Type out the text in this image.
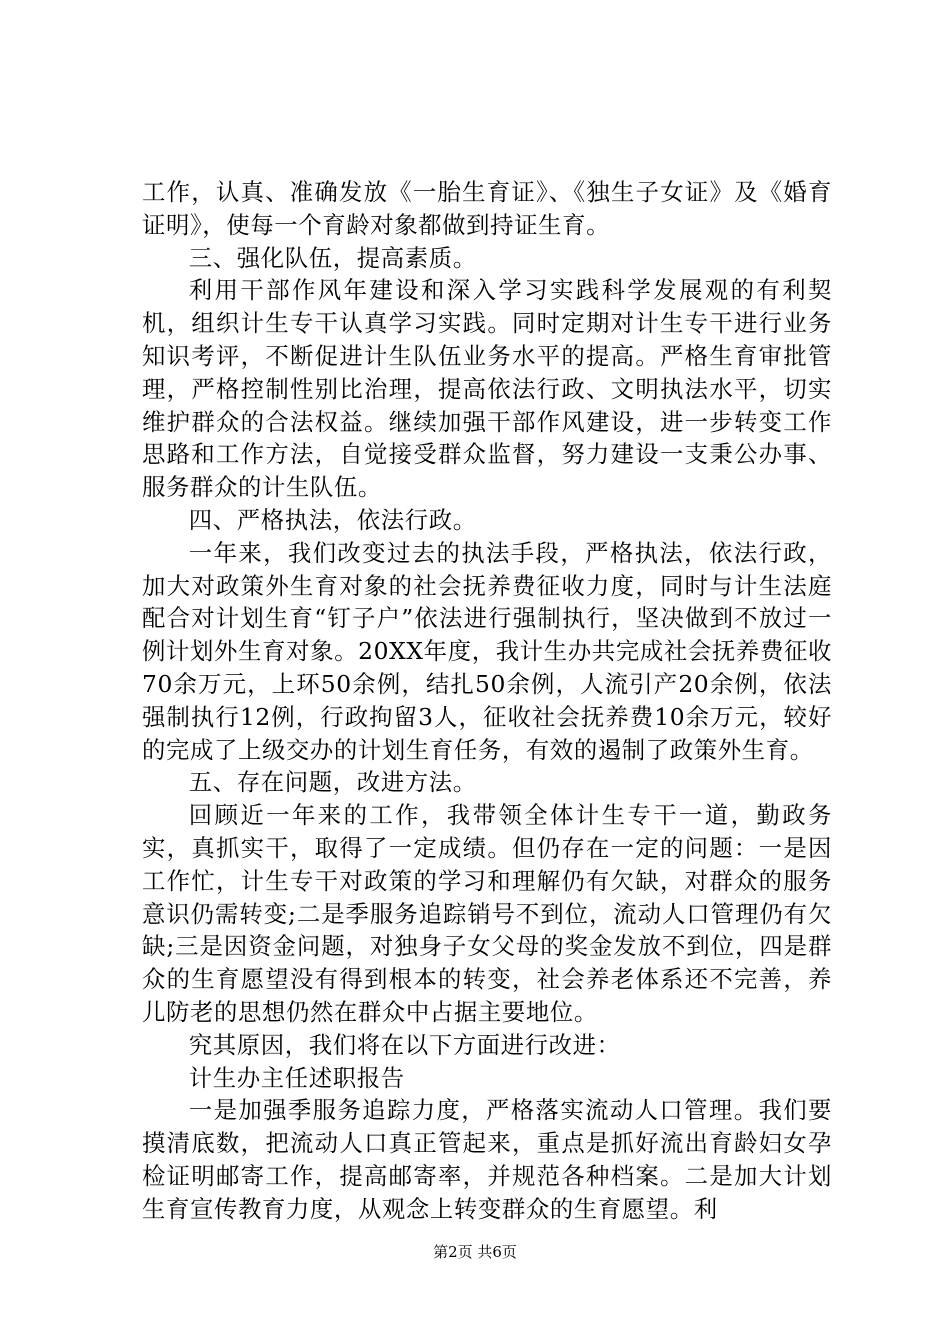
工作，认真、准确发放《一胎生育证》、《独生子女证》及《婚育证明》，使每一个育龄对象都做到持证生育。

三、强化队伍，提高素质。

利用干部作风年建设和深入学习实践科学发展观的有利契机，组织计生专干认真学习实践。同时定期对计生专干进行业务知识考评，不断促进计生队伍业务水平的提高。严格生育审批管理，严格控制性别比治理，提高依法行政、文明执法水平，切实维护群众的合法权益。继续加强干部作风建设，进一步转变工作思路和工作方法，自觉接受群众监督，努力建设一支秉公办事、服务群众的计生队伍。

四、严格执法，依法行政。

一年来，我们改变过去的执法手段，严格执法，依法行政，加大对政策外生育对象的社会抚养费征收力度，同时与计生法庭配合对计划生育“钉子户”依法进行强制执行，坚决做到不放过一例计划外生育对象。20XX年度，我计生办共完成社会抚养费征收70余万元，上环50余例，结扎50余例，人流引产20余例，依法强制执行12例，行政拘留3人，征收社会抚养费10余万元，较好的完成了上级交办的计划生育任务，有效的遏制了政策外生育。

五、存在问题，改进方法。

回顾近一年来的工作，我带领全体计生专干一道，勤政务实，真抓实干，取得了一定成绩。但仍存在一定的问题：一是因工作忙，计生专干对政策的学习和理解仍有欠缺，对群众的服务意识仍需转变;二是季服务追踪销号不到位，流动人口管理仍有欠缺;三是因资金问题，对独身子女父母的奖金发放不到位，四是群众的生育愿望没有得到根本的转变，社会养老体系还不完善，养儿防老的思想仍然在群众中占据主要地位。

究其原因，我们将在以下方面进行改进：

计生办主任述职报告

一是加强季服务追踪力度，严格落实流动人口管理。我们要摸清底数，把流动人口真正管起来，重点是抓好流出育龄妇女孕检证明邮寄工作，提高邮寄率，并规范各种档案。二是加大计划生育宣传教育力度，从观念上转变群众的生育愿望。利

第2页 共6页
